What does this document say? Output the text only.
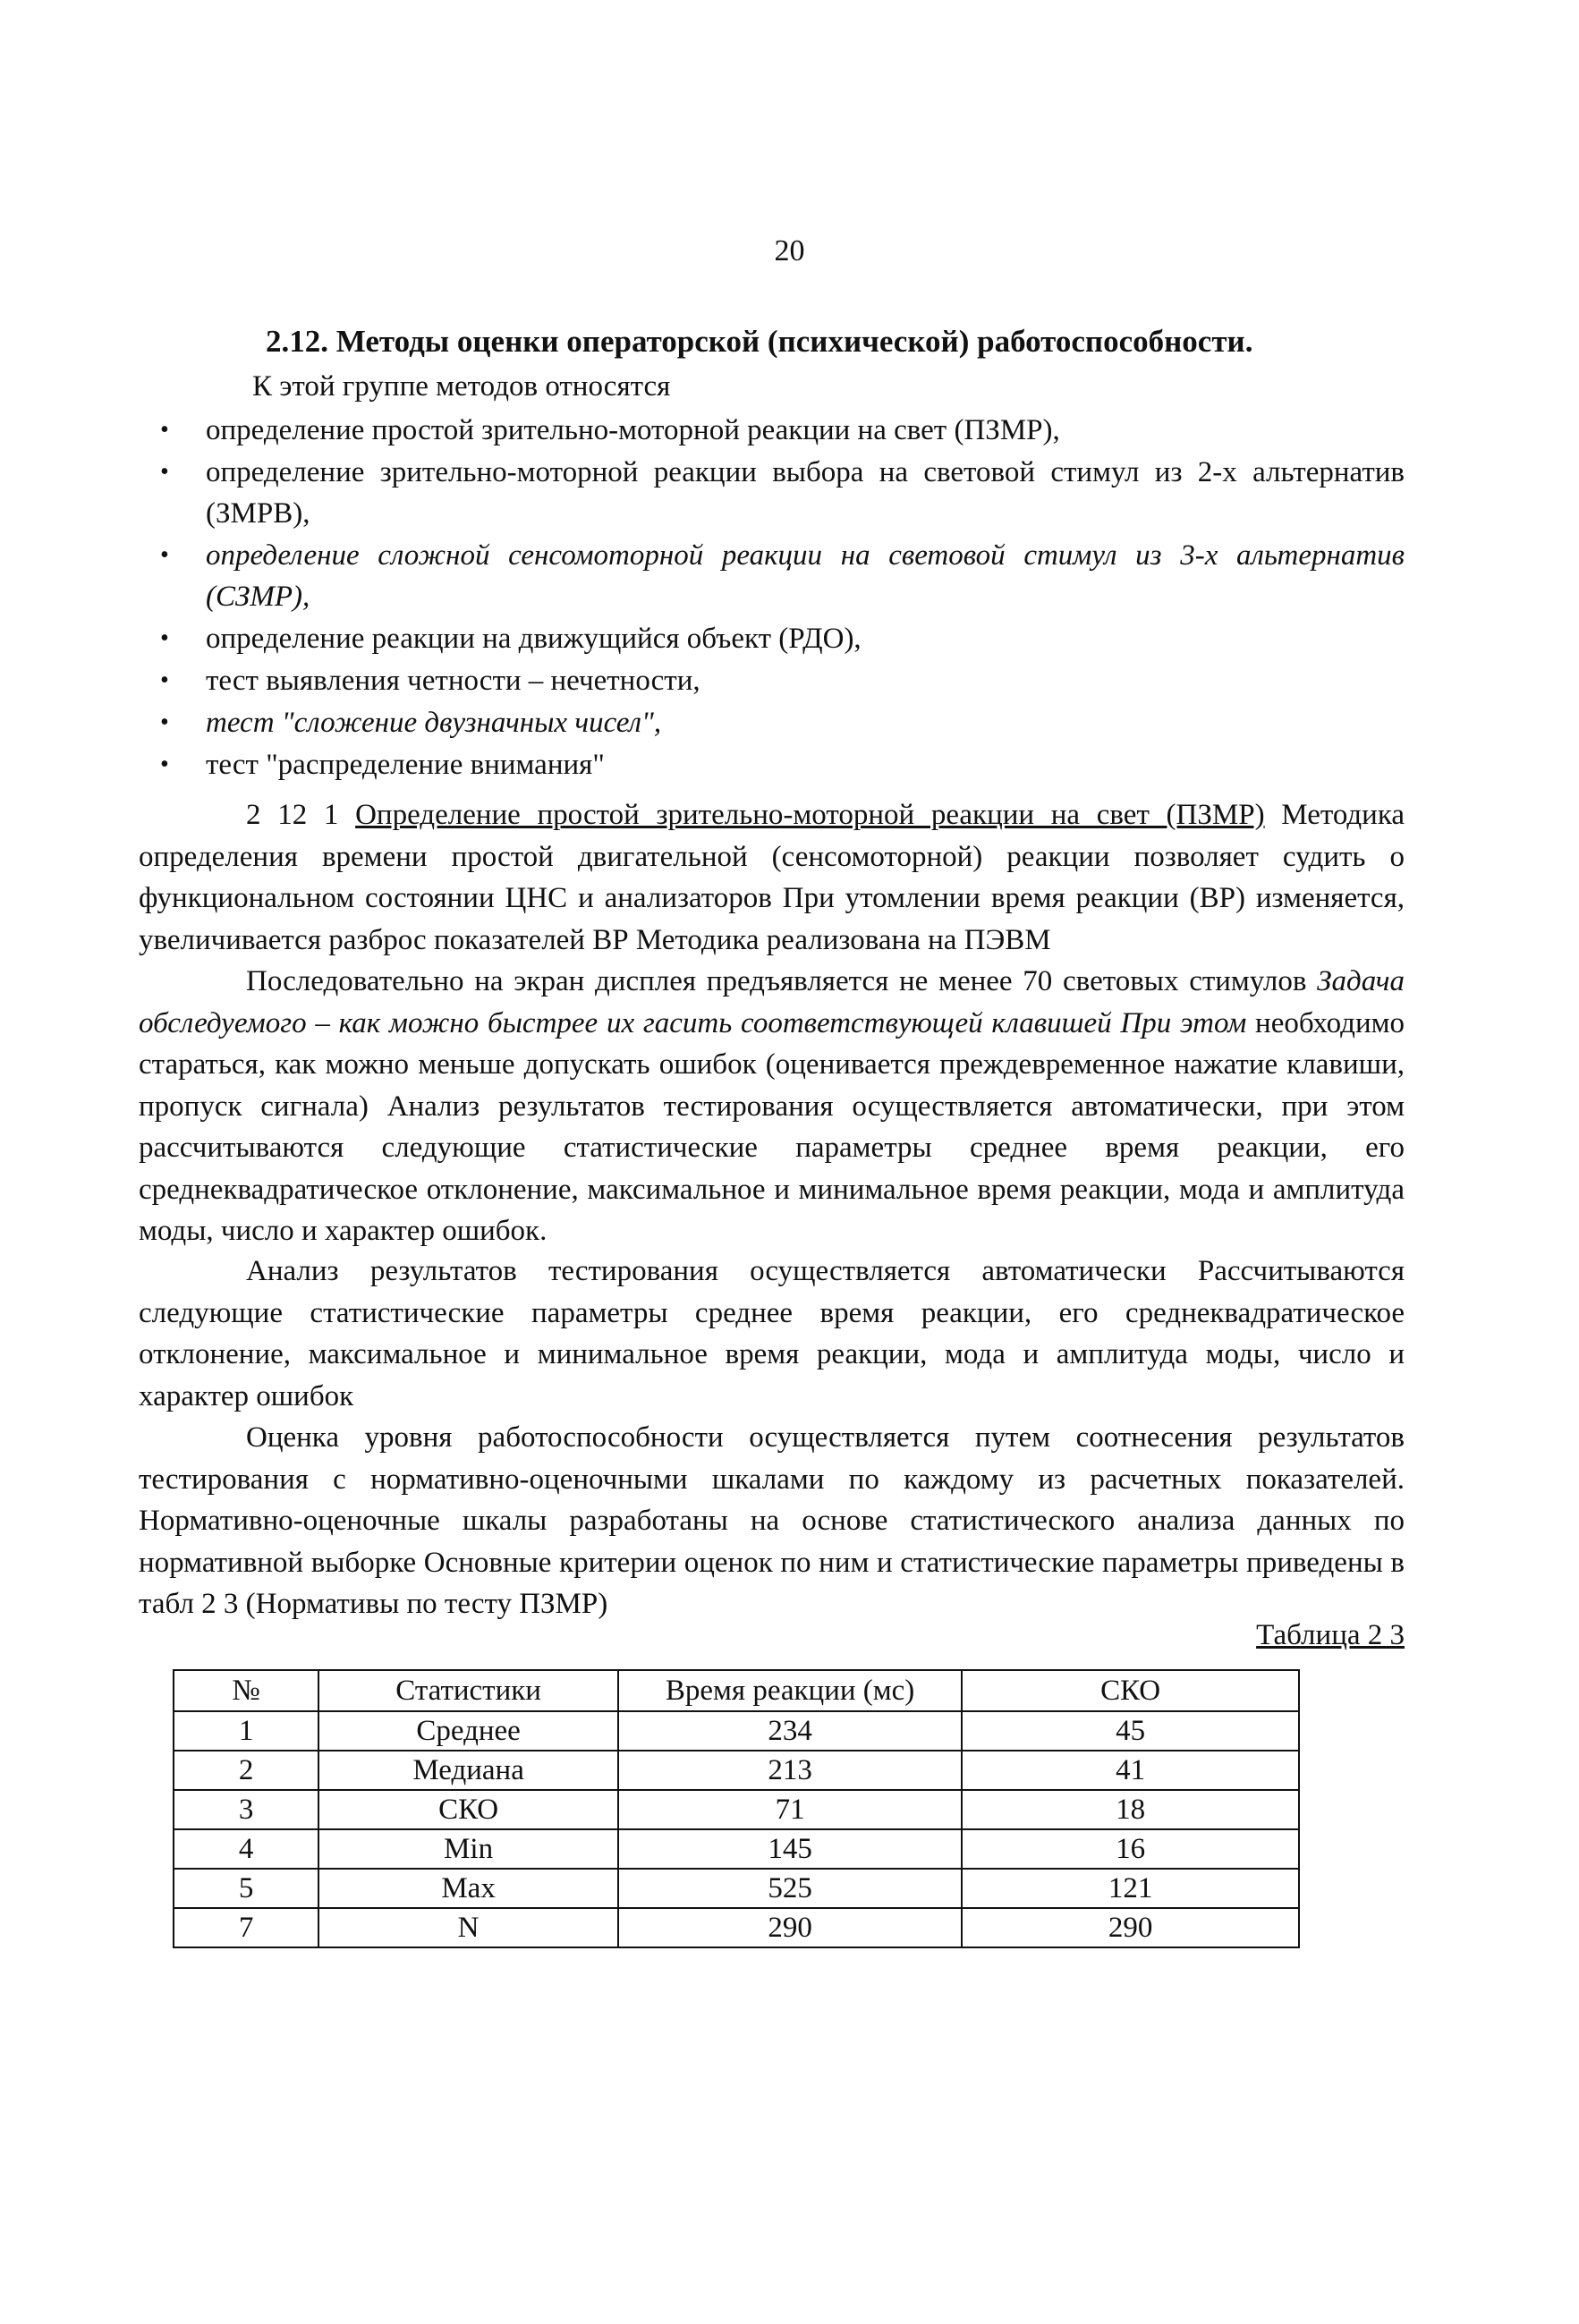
20
2.12. Методы оценки операторской (психической) работоспособности.
К этой группе методов относятся
• определение простой зрительно-моторной реакции на свет (ПЗМР),
• определение зрительно-моторной реакции выбора на световой стимул из 2-х альтернатив (ЗМРВ),
• определение сложной сенсомоторной реакции на световой стимул из 3-х альтернатив (СЗМР),
• определение реакции на движущийся объект (РДО),
• тест выявления четности – нечетности,
• тест "сложение двузначных чисел",
• тест "распределение внимания"
2 12 1 Определение простой зрительно-моторной реакции на свет (ПЗМР) Методика определения времени простой двигательной (сенсомоторной) реакции позволяет судить о функциональном состоянии ЦНС и анализаторов При утомлении время реакции (ВР) изменяется, увеличивается разброс показателей ВР Методика реализована на ПЭВМ
Последовательно на экран дисплея предъявляется не менее 70 световых стимулов Задача обследуемого – как можно быстрее их гасить соответствующей клавишей При этом необходимо стараться, как можно меньше допускать ошибок (оценивается преждевременное нажатие клавиши, пропуск сигнала) Анализ результатов тестирования осуществляется автоматически, при этом рассчитываются следующие статистические параметры среднее время реакции, его среднеквадратическое отклонение, максимальное и минимальное время реакции, мода и амплитуда моды, число и характер ошибок.
Анализ результатов тестирования осуществляется автоматически Рассчитываются следующие статистические параметры среднее время реакции, его среднеквадратическое отклонение, максимальное и минимальное время реакции, мода и амплитуда моды, число и характер ошибок
Оценка уровня работоспособности осуществляется путем соотнесения результатов тестирования с нормативно-оценочными шкалами по каждому из расчетных показателей. Нормативно-оценочные шкалы разработаны на основе статистического анализа данных по нормативной выборке Основные критерии оценок по ним и статистические параметры приведены в табл 2 3 (Нормативы по тесту ПЗМР)
Таблица 2 3
№	Статистики	Время реакции (мс)	СКО
1	Среднее	234	45
2	Медиана	213	41
3	СКО	71	18
4	Min	145	16
5	Max	525	121
7	N	290	290
